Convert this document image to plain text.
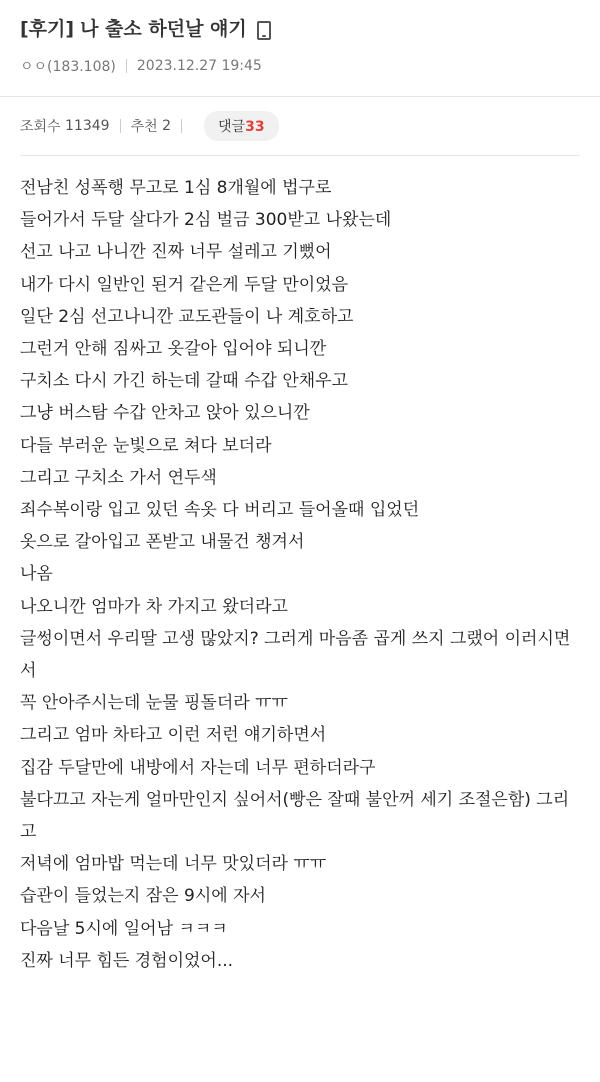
[후기] 나 출소 하던날 얘기
ㅇㅇ(183.108) 2023.12.27 19:45
조회수
11349 추천
2	댓글33
전남친 성폭행 무고로 1심 8개월에 법구로
들어가서 두달 살다가 2심 벌금 300받고 나왔는데
선고 나고 나니깐 진짜 너무 설레고 기뻤어
내가 다시 일반인 된거 같은게 두달 만이었음
일단 2심 선고나니깐 교도관들이 나 계호하고
그런거 안해 짐싸고 옷갈아 입어야 되니깐
구치소 다시 가긴 하는데 갈때 수갑 안채우고
그냥 버스탐 수갑 안차고 앉아 있으니깐
다들 부러운 눈빛으로 쳐다 보더라
그리고 구치소 가서 연두색
죄수복이랑 입고 있던 속옷 다 버리고 들어올때 입었던
옷으로 갈아입고 폰받고 내물건 챙겨서
나옴
나오니깐 엄마가 차 가지고 왔더라고
글썽이면서 우리딸 고생 많았지? 그러게 마음좀 곱게 쓰지 그랬어 이러시면서
꼭 안아주시는데 눈물 핑돌더라 ㅠㅠ
그리고 엄마 차타고 이런 저런 얘기하면서
집감 두달만에 내방에서 자는데 너무 편하더라구
불다끄고 자는게 얼마만인지 싶어서(빵은 잘때 불안꺼 세기 조절은함) 그리고
저녁에 엄마밥 먹는데 너무 맛있더라 ㅠㅠ
습관이 들었는지 잠은 9시에 자서
다음날 5시에 일어남 ㅋㅋㅋ
진짜 너무 힘든 경험이었어...
